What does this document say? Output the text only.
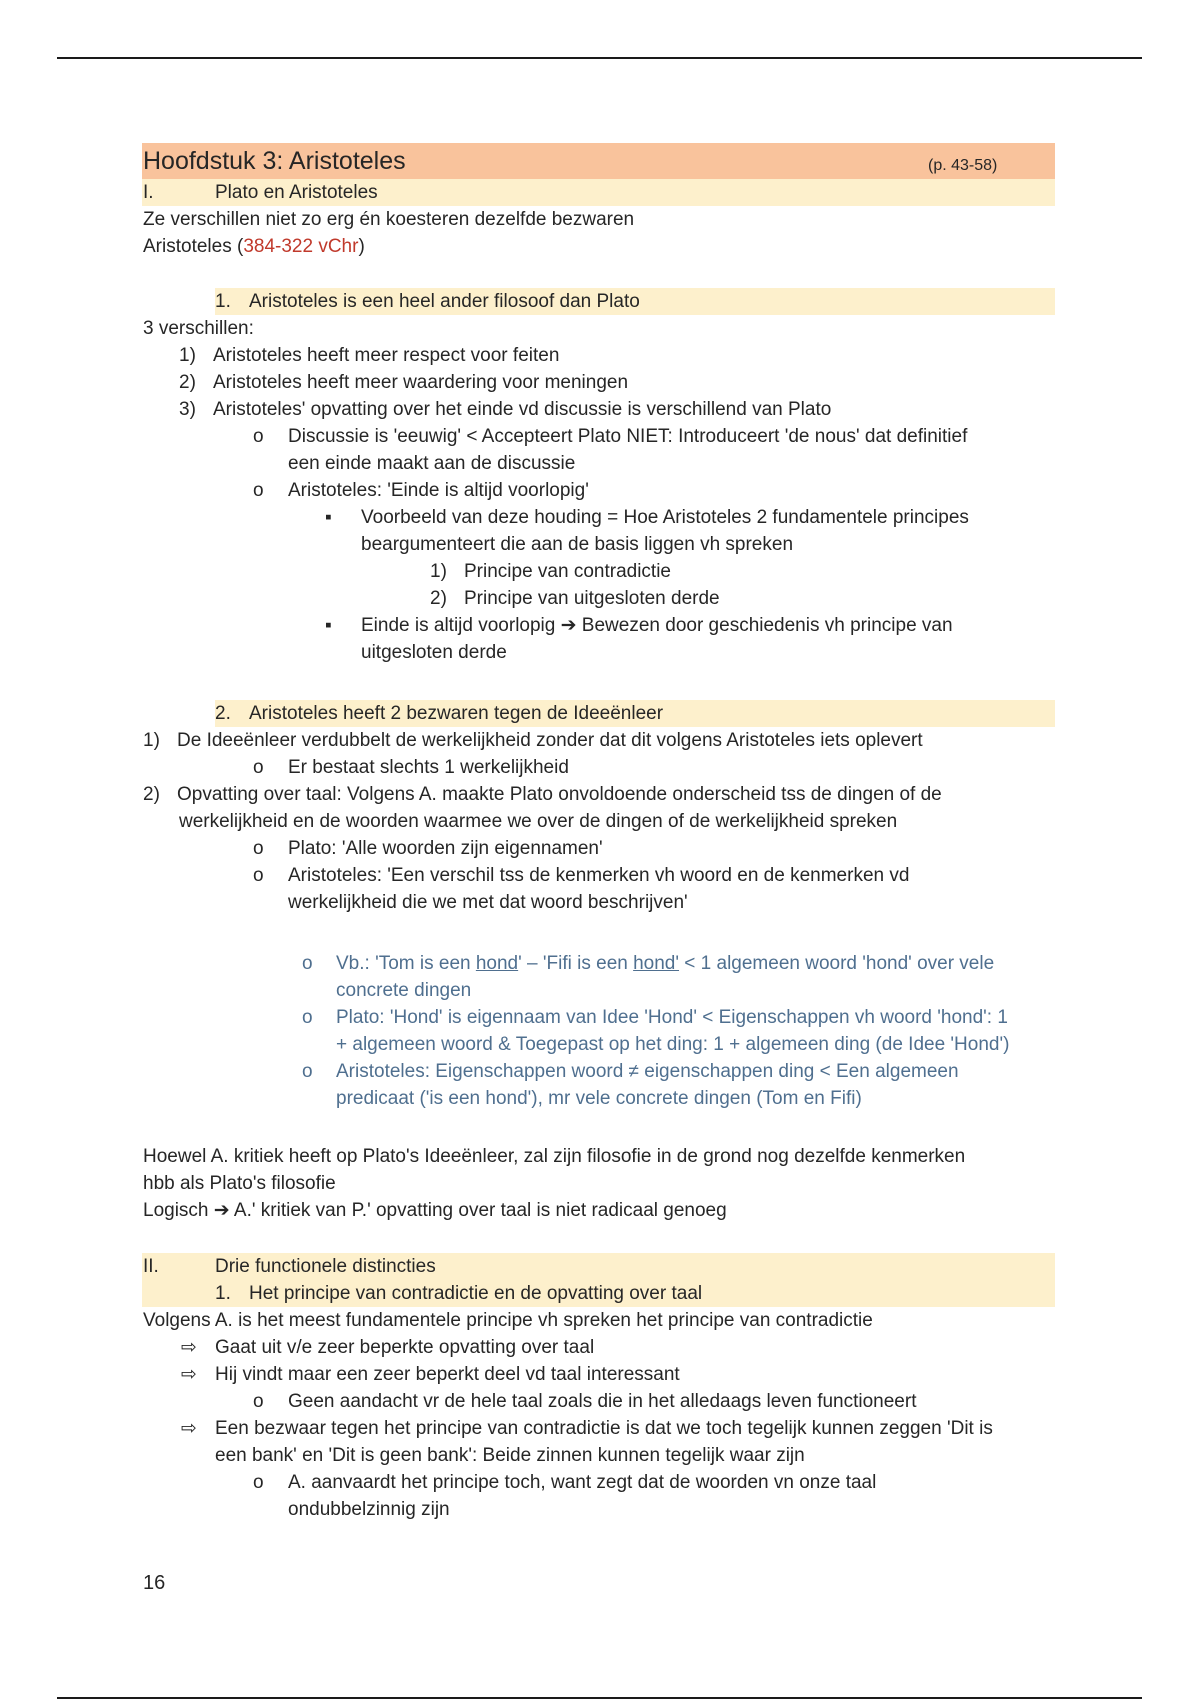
Hoofdstuk 3: Aristoteles	(p. 43-58)
I.	Plato en Aristoteles
Ze verschillen niet zo erg én koesteren dezelfde bezwaren
Aristoteles (384-322 vChr)
1. Aristoteles is een heel ander filosoof dan Plato
3 verschillen:
1) Aristoteles heeft meer respect voor feiten
2) Aristoteles heeft meer waardering voor meningen
3) Aristoteles' opvatting over het einde vd discussie is verschillend van Plato
o Discussie is 'eeuwig' < Accepteert Plato NIET: Introduceert 'de nous' dat definitief
een einde maakt aan de discussie
o Aristoteles: 'Einde is altijd voorlopig'
▪ Voorbeeld van deze houding = Hoe Aristoteles 2 fundamentele principes
beargumenteert die aan de basis liggen vh spreken
1) Principe van contradictie
2) Principe van uitgesloten derde
▪ Einde is altijd voorlopig ➔ Bewezen door geschiedenis vh principe van
uitgesloten derde
2. Aristoteles heeft 2 bezwaren tegen de Ideeënleer
1) De Ideeënleer verdubbelt de werkelijkheid zonder dat dit volgens Aristoteles iets oplevert
o Er bestaat slechts 1 werkelijkheid
2) Opvatting over taal: Volgens A. maakte Plato onvoldoende onderscheid tss de dingen of de
werkelijkheid en de woorden waarmee we over de dingen of de werkelijkheid spreken
o Plato: 'Alle woorden zijn eigennamen'
o Aristoteles: 'Een verschil tss de kenmerken vh woord en de kenmerken vd
werkelijkheid die we met dat woord beschrijven'
o Vb.: 'Tom is een hond' – 'Fifi is een hond' < 1 algemeen woord 'hond' over vele
concrete dingen
o Plato: 'Hond' is eigennaam van Idee 'Hond' < Eigenschappen vh woord 'hond': 1
+ algemeen woord & Toegepast op het ding: 1 + algemeen ding (de Idee 'Hond')
o Aristoteles: Eigenschappen woord ≠ eigenschappen ding < Een algemeen
predicaat ('is een hond'), mr vele concrete dingen (Tom en Fifi)
Hoewel A. kritiek heeft op Plato's Ideeënleer, zal zijn filosofie in de grond nog dezelfde kenmerken
hbb als Plato's filosofie
Logisch ➔ A.' kritiek van P.' opvatting over taal is niet radicaal genoeg
II.	Drie functionele distincties
1. Het principe van contradictie en de opvatting over taal
Volgens A. is het meest fundamentele principe vh spreken het principe van contradictie
⇨ Gaat uit v/e zeer beperkte opvatting over taal
⇨ Hij vindt maar een zeer beperkt deel vd taal interessant
o Geen aandacht vr de hele taal zoals die in het alledaags leven functioneert
⇨ Een bezwaar tegen het principe van contradictie is dat we toch tegelijk kunnen zeggen 'Dit is
een bank' en 'Dit is geen bank': Beide zinnen kunnen tegelijk waar zijn
o A. aanvaardt het principe toch, want zegt dat de woorden vn onze taal
ondubbelzinnig zijn
16
